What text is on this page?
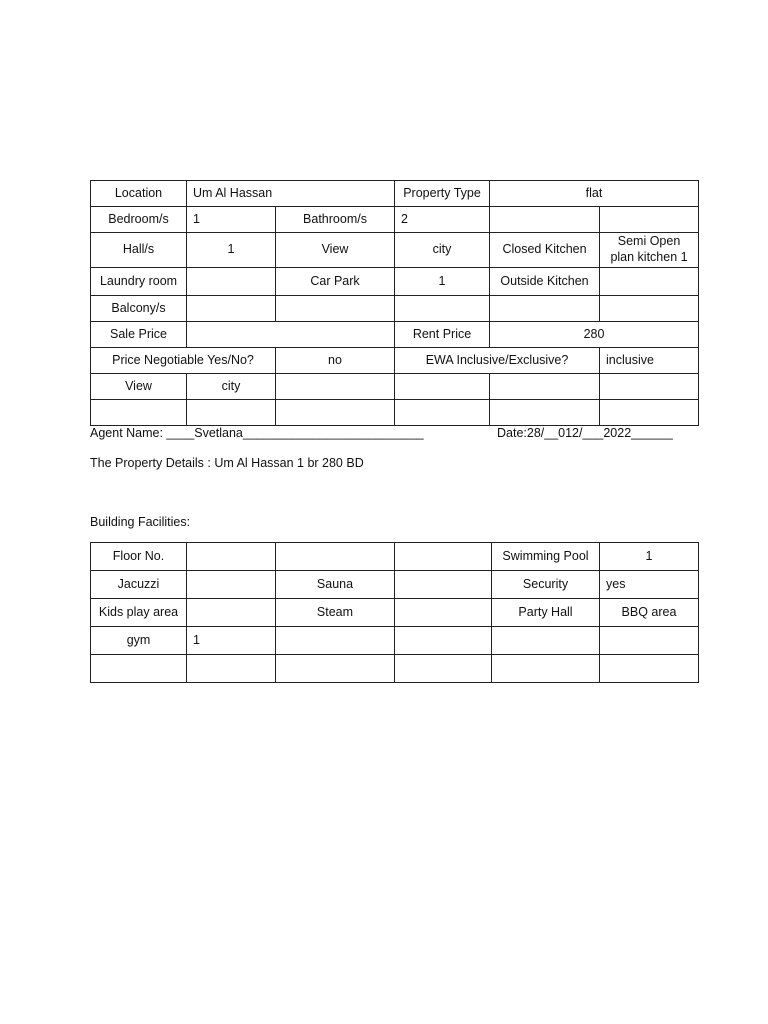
Location	Um Al Hassan		Property Type	flat	
Bedroom/s	1	Bathroom/s	2		
Hall/s	1	View	city	Closed Kitchen	Semi Open plan kitchen 1
Laundry room		Car Park	1	Outside Kitchen	
Balcony/s					
Sale Price			Rent Price	280	
Price Negotiable Yes/No?		no	EWA Inclusive/Exclusive?		inclusive
View	city				

Agent Name: ____Svetlana__________________________	Date:28/__012/___2022______
The Property Details : Um Al Hassan 1 br 280 BD
Building Facilities:
Floor No.				Swimming Pool	1
Jacuzzi		Sauna		Security	yes
Kids play area		Steam		Party Hall	BBQ area
gym	1				
